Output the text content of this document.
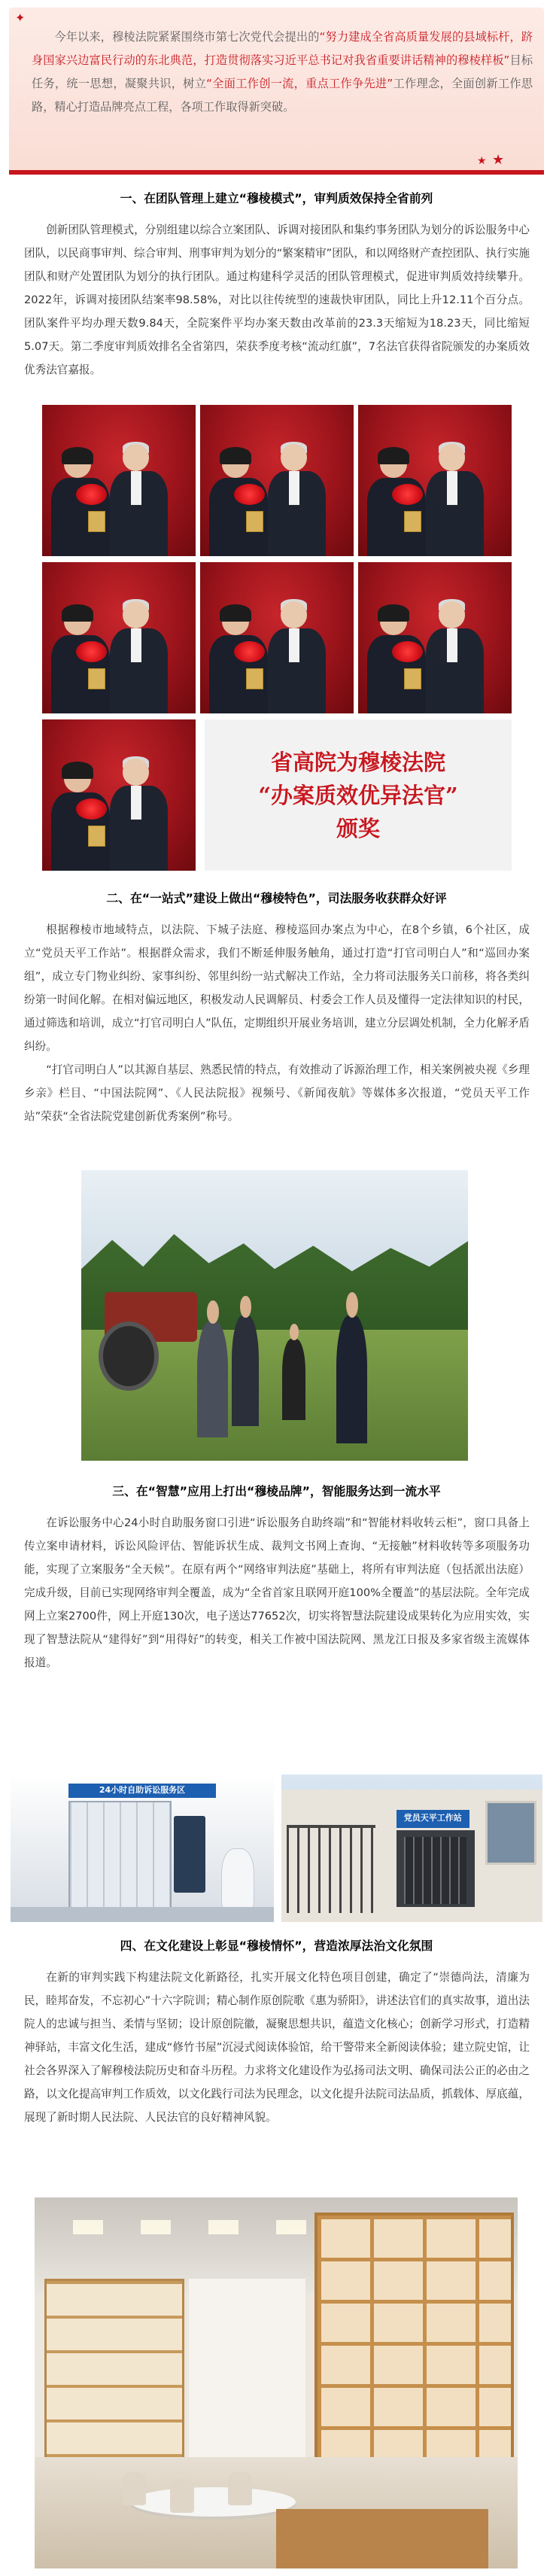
今年以来，穆棱法院紧紧围绕市第七次党代会提出的“努力建成全省高质量发展的县域标杆，跻身国家兴边富民行动的东北典范，打造贯彻落实习近平总书记对我省重要讲话精神的穆棱样板”目标任务，统一思想，凝聚共识，树立“全面工作创一流，重点工作争先进”工作理念，全面创新工作思路，精心打造品牌亮点工程，各项工作取得新突破。
✦
★ ★
一、在团队管理上建立“穆棱模式”，审判质效保持全省前列

创新团队管理模式，分别组建以综合立案团队、诉调对接团队和集约事务团队为划分的诉讼服务中心团队，以民商事审判、综合审判、刑事审判为划分的“繁案精审”团队，和以网络财产查控团队、执行实施团队和财产处置团队为划分的执行团队。通过构建科学灵活的团队管理模式，促进审判质效持续攀升。2022年，诉调对接团队结案率98.58%，对比以往传统型的速裁快审团队，同比上升12.11个百分点。团队案件平均办理天数9.84天，全院案件平均办案天数由改革前的23.3天缩短为18.23天，同比缩短5.07天。第二季度审判质效排名全省第四，荣获季度考核“流动红旗”，7名法官获得省院颁发的办案质效优秀法官嘉报。

省高院为穆棱法院
“办案质效优异法官”
颁奖
二、在“一站式”建设上做出“穆棱特色”，司法服务收获群众好评

根据穆棱市地域特点，以法院、下城子法庭、穆棱巡回办案点为中心，在8个乡镇，6个社区，成立“党员天平工作站”。根据群众需求，我们不断延伸服务触角，通过打造“打官司明白人”和“巡回办案组”，成立专门物业纠纷、家事纠纷、邻里纠纷一站式解决工作站，全力将司法服务关口前移，将各类纠纷第一时间化解。在相对偏远地区，积极发动人民调解员、村委会工作人员及懂得一定法律知识的村民，通过筛选和培训，成立“打官司明白人”队伍，定期组织开展业务培训，建立分层调处机制，全力化解矛盾纠纷。

“打官司明白人”以其源自基层、熟悉民情的特点，有效推动了诉源治理工作，相关案例被央视《乡理乡亲》栏目、“中国法院网”、《人民法院报》视频号、《新闻夜航》等媒体多次报道，“党员天平工作站”荣获“全省法院党建创新优秀案例”称号。

三、在“智慧”应用上打出“穆棱品牌”，智能服务达到一流水平

在诉讼服务中心24小时自助服务窗口引进“诉讼服务自助终端”和“智能材料收转云柜”，窗口具备上传立案申请材料，诉讼风险评估、智能诉状生成、裁判文书网上查询、“无接触”材料收转等多项服务功能，实现了立案服务“全天候”。在原有两个“网络审判法庭”基础上，将所有审判法庭（包括派出法庭）完成升级，目前已实现网络审判全覆盖，成为“全省首家且联网开庭100%全覆盖”的基层法院。全年完成网上立案2700件，网上开庭130次，电子送达77652次，切实将智慧法院建设成果转化为应用实效，实现了智慧法院从“建得好”到“用得好”的转变，相关工作被中国法院网、黑龙江日报及多家省级主流媒体报道。

24小时自助诉讼服务区
党员天平工作站
四、在文化建设上彰显“穆棱情怀”，营造浓厚法治文化氛围

在新的审判实践下构建法院文化新路径，扎实开展文化特色项目创建，确定了“崇德尚法，清廉为民，睦邦奋发，不忘初心”十六字院训；精心制作原创院歌《惠为骄阳》，讲述法官们的真实故事，道出法院人的忠诚与担当、柔情与坚韧；设计原创院徽，凝聚思想共识，蕴造文化核心；创新学习形式，打造精神驿站，丰富文化生活，建成“修竹书屋”沉浸式阅读体验馆，给干警带来全新阅读体验；建立院史馆，让社会各界深入了解穆棱法院历史和奋斗历程。力求将文化建设作为弘扬司法文明、确保司法公正的必由之路，以文化提高审判工作质效，以文化践行司法为民理念，以文化提升法院司法品质，抓载体、厚底蕴，展现了新时期人民法院、人民法官的良好精神风貌。
